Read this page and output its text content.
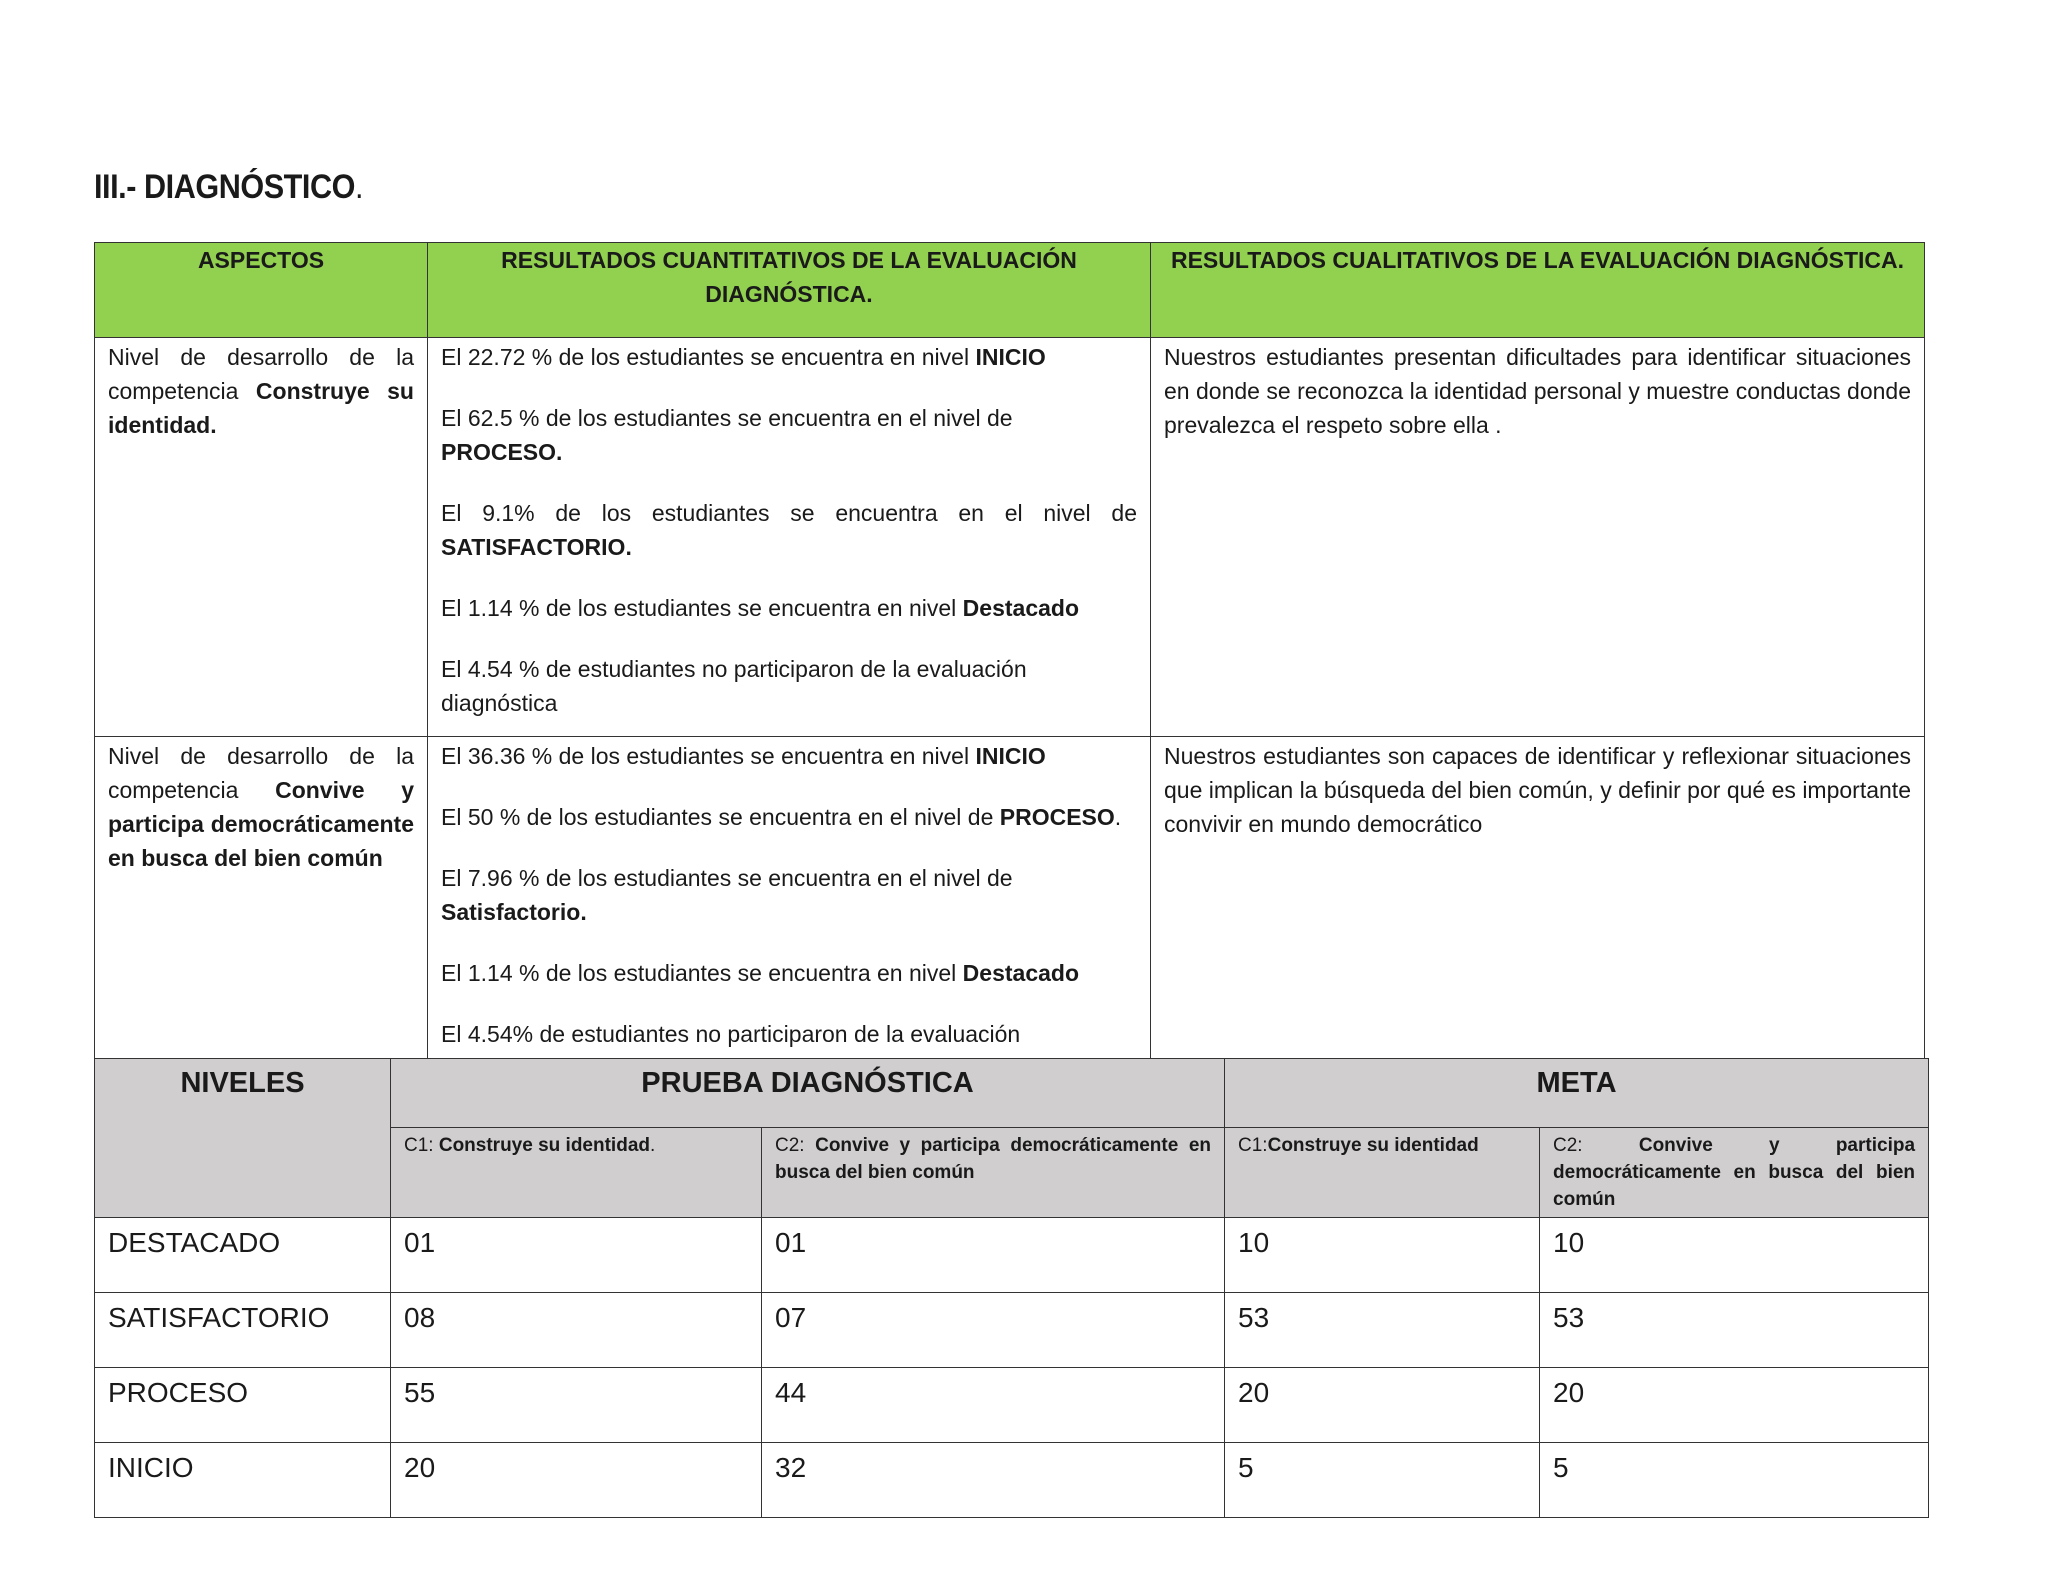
III.- DIAGNÓSTICO.
ASPECTOS	RESULTADOS CUANTITATIVOS DE LA EVALUACIÓN DIAGNÓSTICA.	RESULTADOS CUALITATIVOS DE LA EVALUACIÓN DIAGNÓSTICA.
Nivel de desarrollo de la competencia Construye su identidad.	El 22.72 % de los estudiantes se encuentra en nivel INICIO

El 62.5 % de los estudiantes se encuentra en el nivel de PROCESO.

El 9.1% de los estudiantes se encuentra en el nivel de SATISFACTORIO.

El 1.14 % de los estudiantes se encuentra en nivel Destacado

El 4.54 % de estudiantes no participaron de la evaluación diagnóstica	Nuestros estudiantes presentan dificultades para identificar situaciones en donde se reconozca la identidad personal y muestre conductas donde prevalezca el respeto sobre ella .
Nivel de desarrollo de la competencia Convive y participa democráticamente en busca del bien común	El 36.36 % de los estudiantes se encuentra en nivel INICIO

El 50 % de los estudiantes se encuentra en el nivel de PROCESO.

El 7.96 % de los estudiantes se encuentra en el nivel de Satisfactorio.

El 1.14 % de los estudiantes se encuentra en nivel Destacado

El 4.54% de estudiantes no participaron de la evaluación	Nuestros estudiantes son capaces de identificar y reflexionar situaciones que implican la búsqueda del bien común, y definir por qué es importante convivir en mundo democrático
NIVELES	PRUEBA DIAGNÓSTICA		META	
	C1: Construye su identidad.	C2: Convive y participa democráticamente en busca del bien común	C1:Construye su identidad	C2: Convive y participa democráticamente en busca del bien común
DESTACADO	01	01	10	10
SATISFACTORIO	08	07	53	53
PROCESO	55	44	20	20
INICIO	20	32	5	5
